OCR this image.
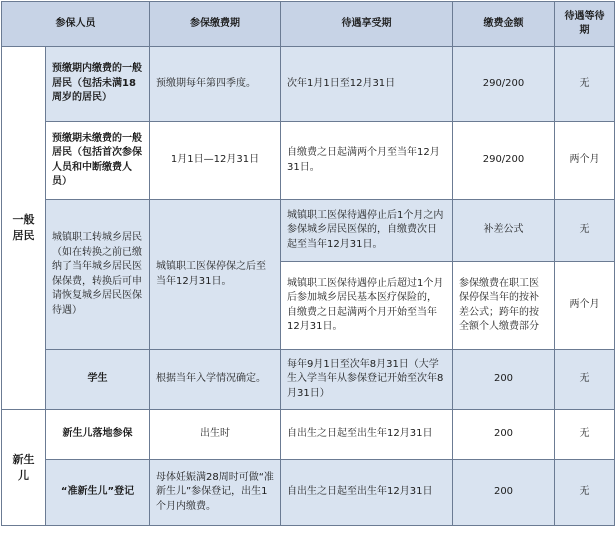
参保人员		参保缴费期	待遇享受期	缴费金额	待遇等待期
一般居民	预缴期内缴费的一般居民（包括未满18周岁的居民）	预缴期每年第四季度。	次年1月1日至12月31日	290/200	无
	预缴期未缴费的一般居民（包括首次参保人员和中断缴费人员）	1月1日—12月31日	自缴费之日起满两个月至当年12月31日。	290/200	两个月
	城镇职工转城乡居民（如在转换之前已缴纳了当年城乡居民医保保费，转换后可申请恢复城乡居民医保待遇）	城镇职工医保停保之后至当年12月31日。	城镇职工医保待遇停止后1个月之内参保城乡居民医保的，自缴费次日起至当年12月31日。	补差公式	无
			城镇职工医保待遇停止后超过1个月后参加城乡居民基本医疗保险的，自缴费之日起满两个月开始至当年12月31日。	参保缴费在职工医保停保当年的按补差公式；跨年的按全额个人缴费部分	两个月
	学生	根据当年入学情况确定。	每年9月1日至次年8月31日（大学生入学当年从参保登记开始至次年8月31日）	200	无
新生儿	新生儿落地参保	出生时	自出生之日起至出生年12月31日	200	无
	“准新生儿”登记	母体妊娠满28周时可做“准新生儿”参保登记，出生1个月内缴费。	自出生之日起至出生年12月31日	200	无
